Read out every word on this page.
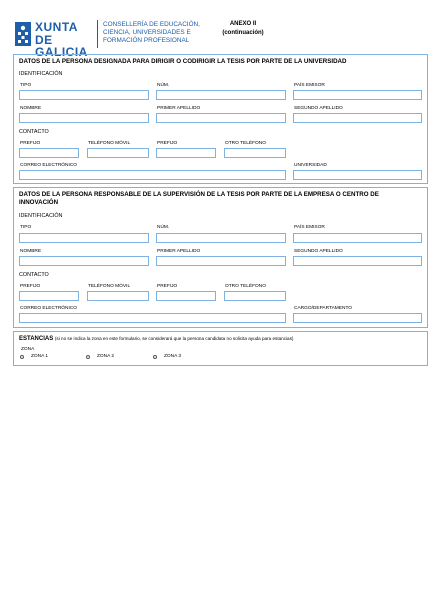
XUNTA
DE GALICIA
CONSELLERÍA DE EDUCACIÓN,
CIENCIA, UNIVERSIDADES E
FORMACIÓN PROFESIONAL
ANEXO II
(continuación)
DATOS DE LA PERSONA DESIGNADA PARA DIRIGIR O CODIRIGIR LA TESIS POR PARTE DE LA UNIVERSIDAD
IDENTIFICACIÓN
TIPO	NÚM.	PAÍS EMISOR
NOMBRE	PRIMER APELLIDO	SEGUNDO APELLIDO
CONTACTO
PREFIJO	TELÉFONO MÓVIL	PREFIJO	OTRO TELÉFONO
CORREO ELECTRÓNICO	UNIVERSIDAD
DATOS DE LA PERSONA RESPONSABLE DE LA SUPERVISIÓN DE LA TESIS POR PARTE DE LA EMPRESA O CENTRO DE
INNOVACIÓN
IDENTIFICACIÓN
TIPO	NÚM.	PAÍS EMISOR
NOMBRE	PRIMER APELLIDO	SEGUNDO APELLIDO
CONTACTO
PREFIJO	TELÉFONO MÓVIL	PREFIJO	OTRO TELÉFONO
CORREO ELECTRÓNICO	CARGO/DEPARTAMENTO
ESTANCIAS (si no se indica la zona en este formulario, se considerará que la persona candidata no solicita ayuda para estancias)
ZONA
ZONA 1	ZONA 2	ZONA 3
